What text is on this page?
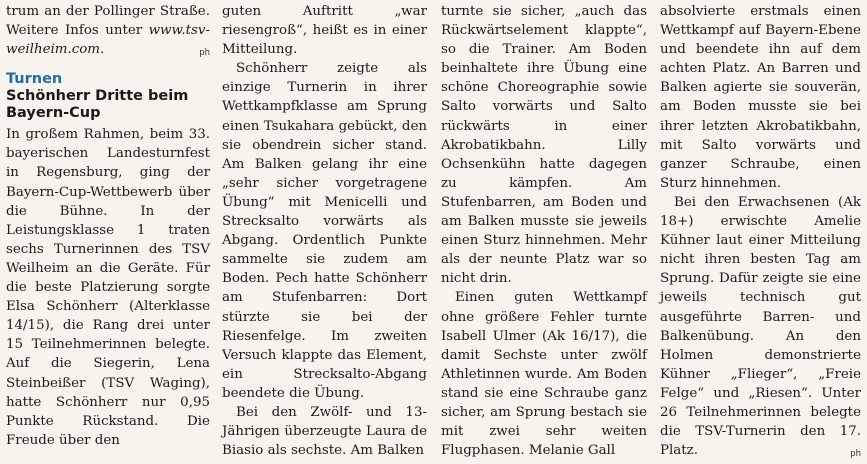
trum an der Pollinger Straße. Weitere Infos unter www.tsv-weilheim.com.	ph

Turnen
Schönherr Dritte beim Bayern-Cup

In großem Rahmen, beim 33. bayerischen Landesturnfest in Regensburg, ging der Bayern-Cup-Wettbewerb über die Bühne. In der Leistungsklasse 1 traten sechs Turnerinnen des TSV Weilheim an die Geräte. Für die beste Platzierung sorgte Elsa Schönherr (Alterklasse 14/15), die Rang drei unter 15 Teilnehmerinnen belegte. Auf die Siegerin, Lena Steinbeißer (TSV Waging), hatte Schönherr nur 0,95 Punkte Rückstand. Die Freude über den

guten Auftritt „war riesengroß“, heißt es in einer Mitteilung.

Schönherr zeigte als einzige Turnerin in ihrer Wettkampfklasse am Sprung einen Tsukahara gebückt, den sie obendrein sicher stand. Am Balken gelang ihr eine „sehr sicher vorgetragene Übung“ mit Menicelli und Strecksalto vorwärts als Abgang. Ordentlich Punkte sammelte sie zudem am Boden. Pech hatte Schönherr am Stufenbarren: Dort stürzte sie bei der Riesenfelge. Im zweiten Versuch klappte das Element, ein Strecksalto-Abgang beendete die Übung.

Bei den Zwölf- und 13-Jährigen überzeugte Laura de Biasio als sechste. Am Balken

turnte sie sicher, „auch das Rückwärtselement klappte“, so die Trainer. Am Boden beinhaltete ihre Übung eine schöne Choreographie sowie Salto vorwärts und Salto rückwärts in einer Akrobatikbahn. Lilly Ochsenkühn hatte dagegen zu kämpfen. Am Stufenbarren, am Boden und am Balken musste sie jeweils einen Sturz hinnehmen. Mehr als der neunte Platz war so nicht drin.

Einen guten Wettkampf ohne größere Fehler turnte Isabell Ulmer (Ak 16/17), die damit Sechste unter zwölf Athletinnen wurde. Am Boden stand sie eine Schraube ganz sicher, am Sprung bestach sie mit zwei sehr weiten Flugphasen. Melanie Gall

absolvierte erstmals einen Wettkampf auf Bayern-Ebene und beendete ihn auf dem achten Platz. An Barren und Balken agierte sie souverän, am Boden musste sie bei ihrer letzten Akrobatikbahn, mit Salto vorwärts und ganzer Schraube, einen Sturz hinnehmen.

Bei den Erwachsenen (Ak 18+) erwischte Amelie Kühner laut einer Mitteilung nicht ihren besten Tag am Sprung. Dafür zeigte sie eine jeweils technisch gut ausgeführte Barren- und Balkenübung. An den Holmen demonstrierte Kühner „Flieger“, „Freie Felge“ und „Riesen“. Unter 26 Teilnehmerinnen belegte die TSV-Turnerin den 17. Platz.	ph
